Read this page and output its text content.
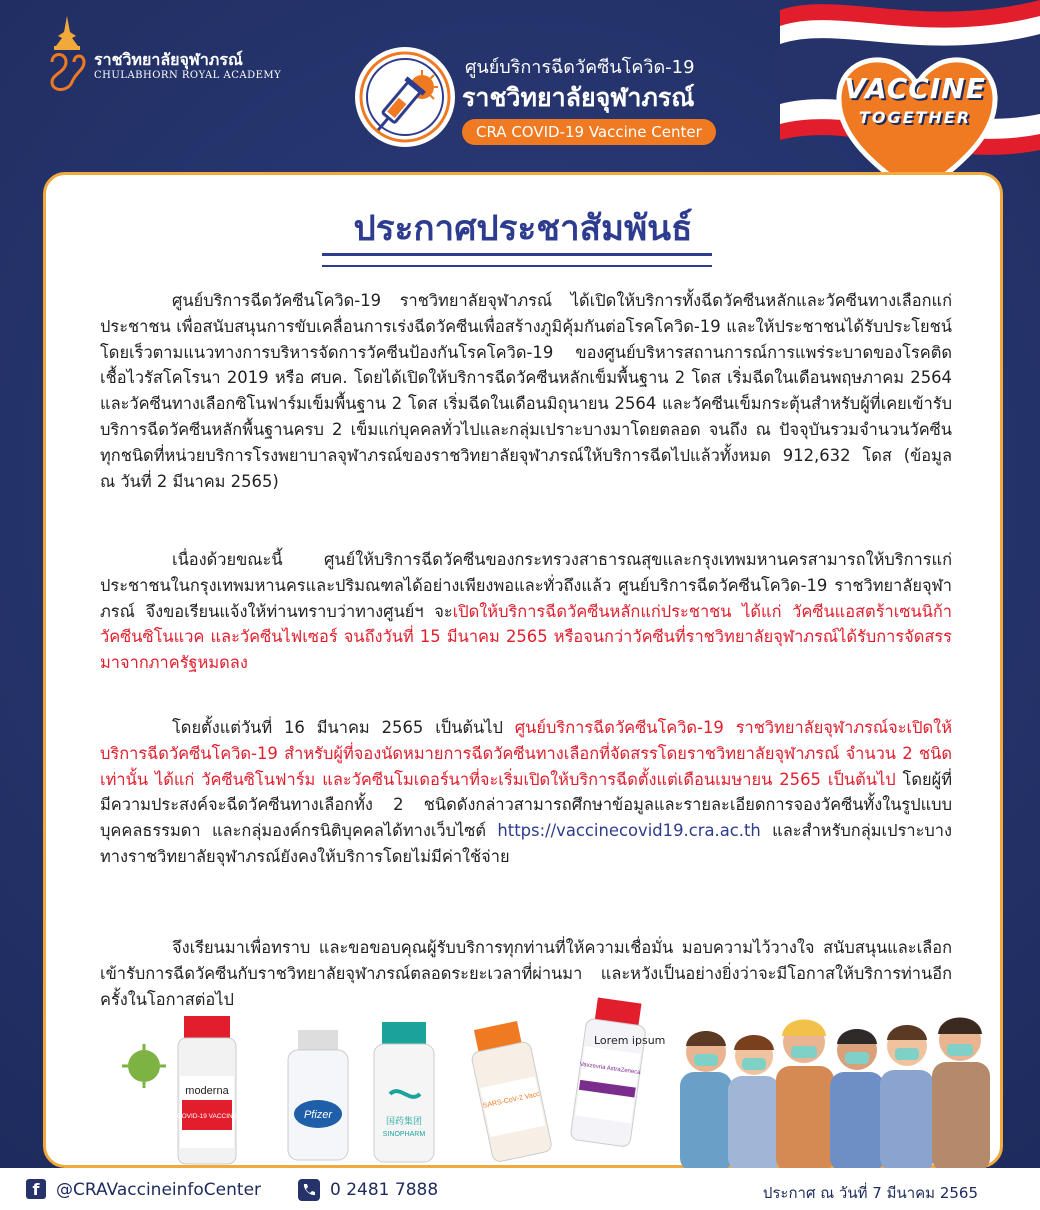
ราชวิทยาลัยจุฬาภรณ์
CHULABHORN ROYAL ACADEMY	ศูนย์บริการฉีดวัคซีนโควิด-19
ราชวิทยาลัยจุฬาภรณ์
CRA COVID-19 Vaccine Center
VACCINE
TOGETHER
ประกาศประชาสัมพันธ์
ศูนย์บริการฉีดวัคซีนโควิด-19 ราชวิทยาลัยจุฬาภรณ์ ได้เปิดให้บริการทั้งฉีดวัคซีนหลักและวัคซีนทางเลือกแก่ประชาชน เพื่อสนับสนุนการขับเคลื่อนการเร่งฉีดวัคซีนเพื่อสร้างภูมิคุ้มกันต่อโรคโควิด-19 และให้ประชาชนได้รับประโยชน์โดยเร็วตามแนวทางการบริหารจัดการวัคซีนป้องกันโรคโควิด-19 ของศูนย์บริหารสถานการณ์การแพร่ระบาดของโรคติดเชื้อไวรัสโคโรนา 2019 หรือ ศบค. โดยได้เปิดให้บริการฉีดวัคซีนหลักเข็มพื้นฐาน 2 โดส เริ่มฉีดในเดือนพฤษภาคม 2564 และวัคซีนทางเลือกซิโนฟาร์มเข็มพื้นฐาน 2 โดส เริ่มฉีดในเดือนมิถุนายน 2564 และวัคซีนเข็มกระตุ้นสำหรับผู้ที่เคยเข้ารับบริการฉีดวัคซีนหลักพื้นฐานครบ 2 เข็มแก่บุคคลทั่วไปและกลุ่มเปราะบางมาโดยตลอด จนถึง ณ ปัจจุบันรวมจำนวนวัคซีนทุกชนิดที่หน่วยบริการโรงพยาบาลจุฬาภรณ์ของราชวิทยาลัยจุฬาภรณ์ให้บริการฉีดไปแล้วทั้งหมด 912,632 โดส (ข้อมูล ณ วันที่ 2 มีนาคม 2565)
เนื่องด้วยขณะนี้ ศูนย์ให้บริการฉีดวัคซีนของกระทรวงสาธารณสุขและกรุงเทพมหานครสามารถให้บริการแก่ประชาชนในกรุงเทพมหานครและปริมณฑลได้อย่างเพียงพอและทั่วถึงแล้ว ศูนย์บริการฉีดวัคซีนโควิด-19 ราชวิทยาลัยจุฬาภรณ์ จึงขอเรียนแจ้งให้ท่านทราบว่าทางศูนย์ฯ จะเปิดให้บริการฉีดวัคซีนหลักแก่ประชาชน ได้แก่ วัคซีนแอสตร้าเซนนิก้า วัคซีนซิโนแวค และวัคซีนไฟเซอร์ จนถึงวันที่ 15 มีนาคม 2565 หรือจนกว่าวัคซีนที่ราชวิทยาลัยจุฬาภรณ์ได้รับการจัดสรรมาจากภาครัฐหมดลง
โดยตั้งแต่วันที่ 16 มีนาคม 2565 เป็นต้นไป ศูนย์บริการฉีดวัคซีนโควิด-19 ราชวิทยาลัยจุฬาภรณ์จะเปิดให้บริการฉีดวัคซีนโควิด-19 สำหรับผู้ที่จองนัดหมายการฉีดวัคซีนทางเลือกที่จัดสรรโดยราชวิทยาลัยจุฬาภรณ์ จำนวน 2 ชนิดเท่านั้น ได้แก่ วัคซีนซิโนฟาร์ม และวัคซีนโมเดอร์นาที่จะเริ่มเปิดให้บริการฉีดตั้งแต่เดือนเมษายน 2565 เป็นต้นไป โดยผู้ที่มีความประสงค์จะฉีดวัคซีนทางเลือกทั้ง 2 ชนิดดังกล่าวสามารถศึกษาข้อมูลและรายละเอียดการจองวัคซีนทั้งในรูปแบบบุคคลธรรมดา และกลุ่มองค์กรนิติบุคคลได้ทางเว็บไซต์ https://vaccinecovid19.cra.ac.th และสำหรับกลุ่มเปราะบาง ทางราชวิทยาลัยจุฬาภรณ์ยังคงให้บริการโดยไม่มีค่าใช้จ่าย
จึงเรียนมาเพื่อทราบ และขอขอบคุณผู้รับบริการทุกท่านที่ให้ความเชื่อมั่น มอบความไว้วางใจ สนับสนุนและเลือกเข้ารับการฉีดวัคซีนกับราชวิทยาลัยจุฬาภรณ์ตลอดระยะเวลาที่ผ่านมา และหวังเป็นอย่างยิ่งว่าจะมีโอกาสให้บริการท่านอีกครั้งในโอกาสต่อไป
moderna
COVID-19 VACCINE	Pfizer
国药集团
SINOPHARM
SARS-CoV-2 Vacc
Vaxzevria AstraZeneca
Lorem ipsum
f @CRAVaccineinfoCenter	0 2481 7888	ประกาศ ณ วันที่ 7 มีนาคม 2565
